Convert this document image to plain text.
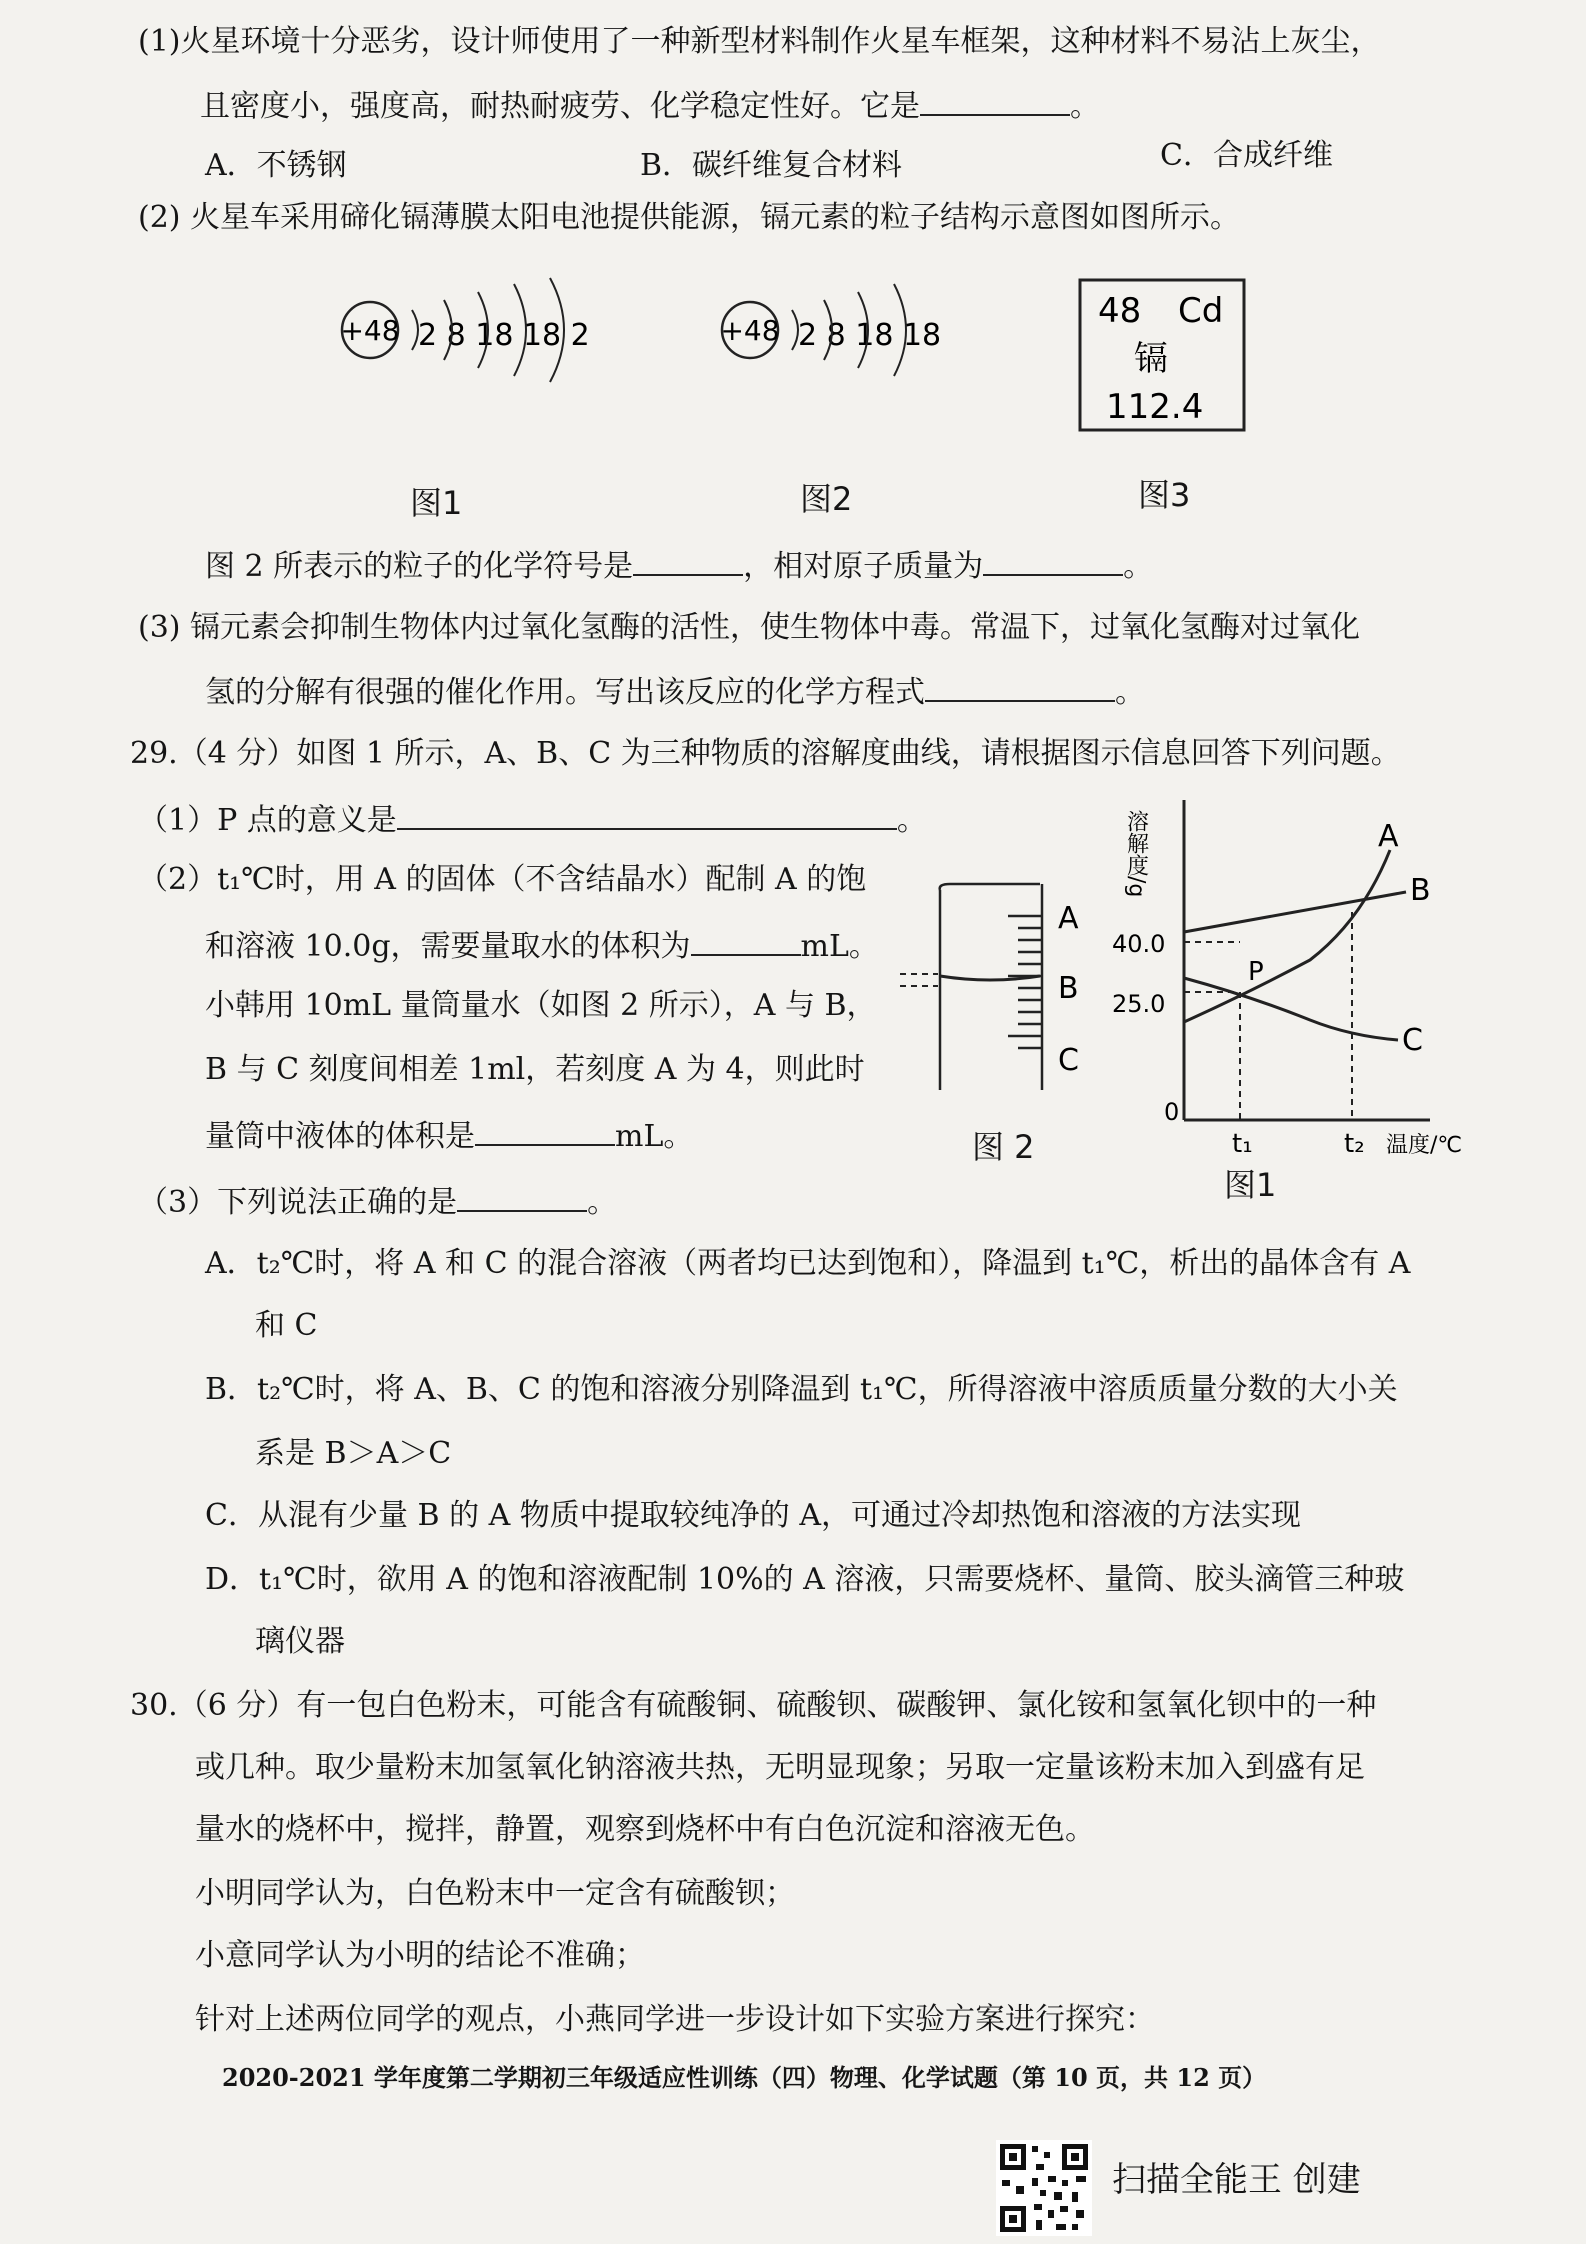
(1)火星环境十分恶劣，设计师使用了一种新型材料制作火星车框架，这种材料不易沾上灰尘，
且密度小，强度高，耐热耐疲劳、化学稳定性好。它是	。
A．不锈钢	B．碳纤维复合材料	C．合成纤维
(2) 火星车采用碲化镉薄膜太阳电池提供能源，镉元素的粒子结构示意图如图所示。
+48 2 8 18 18 2
图1
+48 2 8 18 18
图2
48 Cd
镉
112.4
图3
图 2 所表示的粒子的化学符号是	，相对原子质量为	。
(3) 镉元素会抑制生物体内过氧化氢酶的活性，使生物体中毒。常温下，过氧化氢酶对过氧化
氢的分解有很强的催化作用。写出该反应的化学方程式	。
29.（4 分）如图 1 所示，A、B、C 为三种物质的溶解度曲线，请根据图示信息回答下列问题。
（1）P 点的意义是	。
（2）t₁℃时，用 A 的固体（不含结晶水）配制 A 的饱
和溶液 10.0g，需要量取水的体积为	mL。
小韩用 10mL 量筒量水（如图 2 所示），A 与 B，
B 与 C 刻度间相差 1ml，若刻度 A 为 4，则此时
量筒中液体的体积是	mL。
A
B
C
图 2
溶解度/g
0
40.0
25.0
P
A
B
C
t₁	t₂ 温度/℃
图1
（3）下列说法正确的是	。
A．t₂℃时，将 A 和 C 的混合溶液（两者均已达到饱和），降温到 t₁℃，析出的晶体含有 A
和 C
B．t₂℃时，将 A、B、C 的饱和溶液分别降温到 t₁℃，所得溶液中溶质质量分数的大小关
系是 B＞A＞C
C．从混有少量 B 的 A 物质中提取较纯净的 A，可通过冷却热饱和溶液的方法实现
D．t₁℃时，欲用 A 的饱和溶液配制 10%的 A 溶液，只需要烧杯、量筒、胶头滴管三种玻
璃仪器
30.（6 分）有一包白色粉末，可能含有硫酸铜、硫酸钡、碳酸钾、氯化铵和氢氧化钡中的一种
或几种。取少量粉末加氢氧化钠溶液共热，无明显现象；另取一定量该粉末加入到盛有足
量水的烧杯中，搅拌，静置，观察到烧杯中有白色沉淀和溶液无色。
小明同学认为，白色粉末中一定含有硫酸钡；
小意同学认为小明的结论不准确；
针对上述两位同学的观点，小燕同学进一步设计如下实验方案进行探究：
2020-2021 学年度第二学期初三年级适应性训练（四）物理、化学试题（第 10 页，共 12 页）
扫描全能王 创建
